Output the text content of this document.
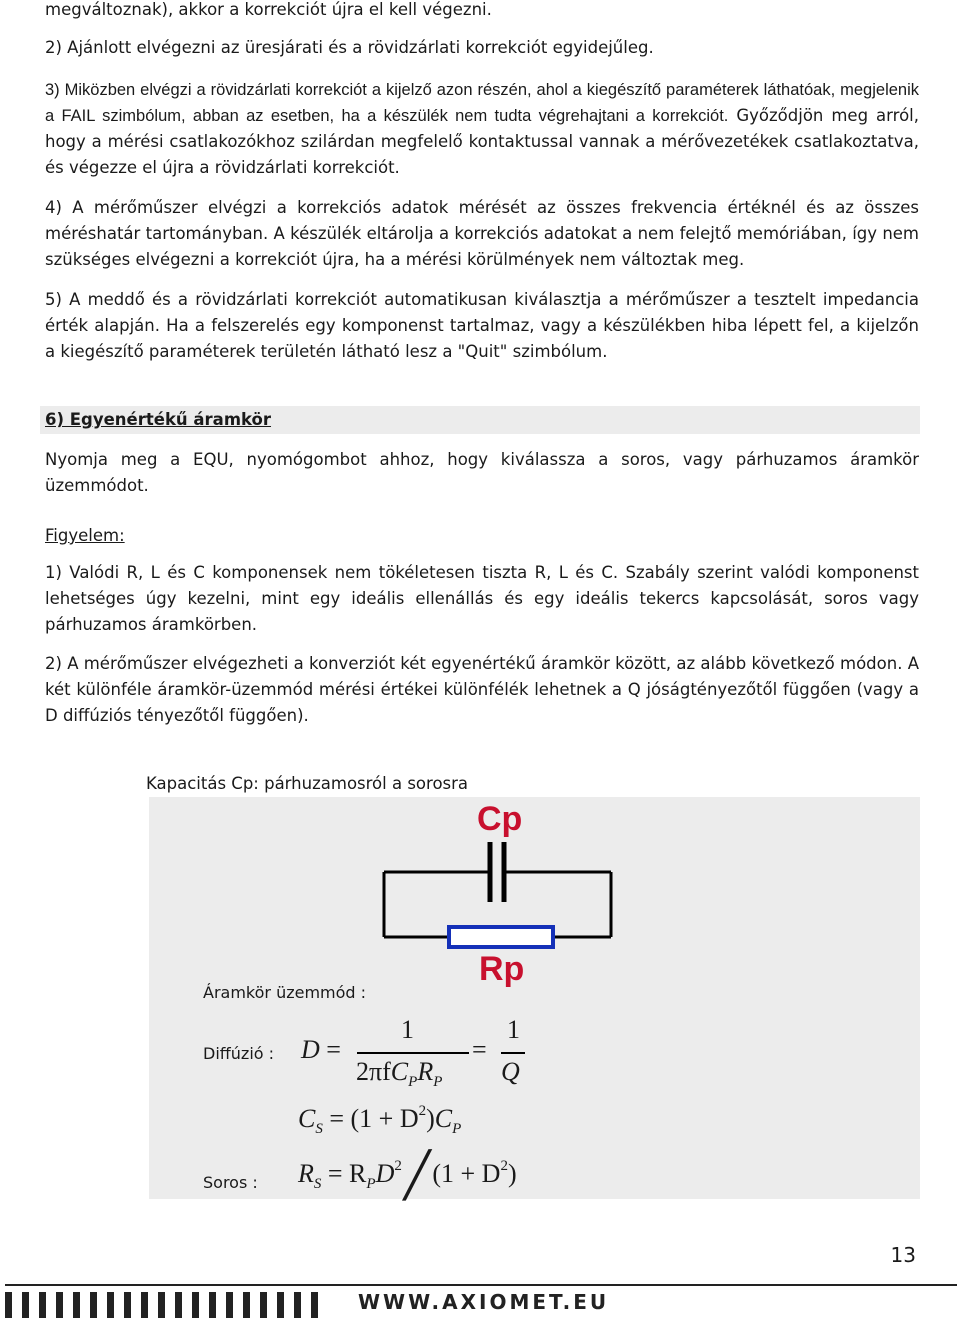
megváltoznak), akkor a korrekciót újra el kell végezni.

2) Ajánlott elvégezni az üresjárati és a rövidzárlati korrekciót egyidejűleg.

3) Miközben elvégzi a rövidzárlati korrekciót a kijelző azon részén, ahol a kiegészítő paraméterek láthatóak, megjelenik a FAIL szimbólum, abban az esetben, ha a készülék nem tudta végrehajtani a korrekciót. Győződjön meg arról, hogy a mérési csatlakozókhoz szilárdan megfelelő kontaktussal vannak a mérővezetékek csatlakoztatva, és végezze el újra a rövidzárlati korrekciót.

4) A mérőműszer elvégzi a korrekciós adatok mérését az összes frekvencia értéknél és az összes méréshatár tartományban. A készülék eltárolja a korrekciós adatokat a nem felejtő memóriában, így nem szükséges elvégezni a korrekciót újra, ha a mérési körülmények nem változtak meg.

5) A meddő és a rövidzárlati korrekciót automatikusan kiválasztja a mérőműszer a tesztelt impedancia érték alapján. Ha a felszerelés egy komponenst tartalmaz, vagy a készülékben hiba lépett fel, a kijelzőn a kiegészítő paraméterek területén látható lesz a "Quit" szimbólum.

6) Egyenértékű áramkör

Nyomja meg a EQU, nyomógombot ahhoz, hogy kiválassza a soros, vagy párhuzamos áramkör üzemmódot.

Figyelem:

1) Valódi R, L és C komponensek nem tökéletesen tiszta R, L és C. Szabály szerint valódi komponenst lehetséges úgy kezelni, mint egy ideális ellenállás és egy ideális tekercs kapcsolását, soros vagy párhuzamos áramkörben.

2) A mérőműszer elvégezheti a konverziót két egyenértékű áramkör között, az alább következő módon. A két különféle áramkör-üzemmód mérési értékei különfélék lehetnek a Q jóságtényezőtől függően (vagy a D diffúziós tényezőtől függően).

Kapacitás Cp: párhuzamosról a sorosra
Cp
Rp
Áramkör üzemmód :
Diffúzió :
Soros :
D =
1
$2\pi fC_PR_P$
=
1
Q
$C_S = (1 + D^2)C_P$
$R_S$ = $R_PD^2╱(1 + D^2)$
13
WWW.AXIOMET.EU
